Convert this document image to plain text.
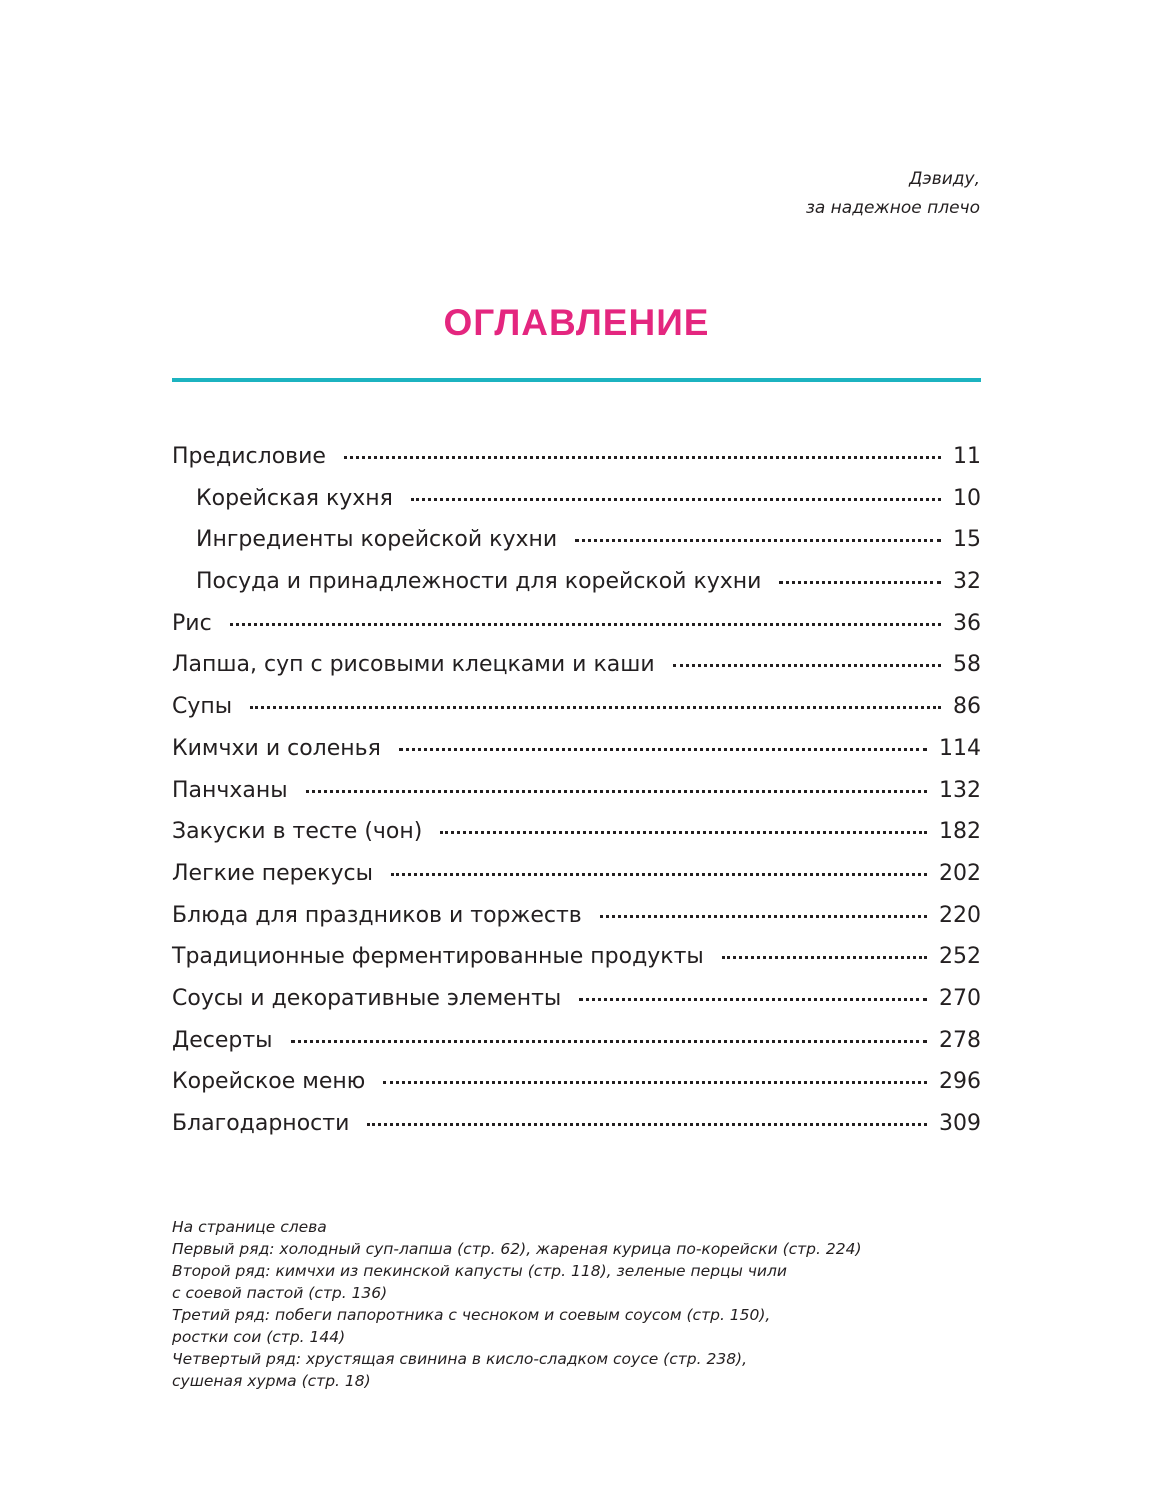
Дэвиду,
за надежное плечо
ОГЛАВЛЕНИЕ
Предисловие	11
Корейская кухня	10
Ингредиенты корейской кухни	15
Посуда и принадлежности для корейской кухни	32
Рис	36
Лапша, суп с рисовыми клецками и каши	58
Супы	86
Кимчхи и соленья	114
Панчханы	132
Закуски в тесте (чон)	182
Легкие перекусы	202
Блюда для праздников и торжеств	220
Традиционные ферментированные продукты	252
Соусы и декоративные элементы	270
Десерты	278
Корейское меню	296
Благодарности	309
На странице слева
Первый ряд: холодный суп-лапша (стр. 62), жареная курица по-корейски (стр. 224)
Второй ряд: кимчхи из пекинской капусты (стр. 118), зеленые перцы чили
с соевой пастой (стр. 136)
Третий ряд: побеги папоротника с чесноком и соевым соусом (стр. 150),
ростки сои (стр. 144)
Четвертый ряд: хрустящая свинина в кисло-сладком соусе (стр. 238),
сушеная хурма (стр. 18)
